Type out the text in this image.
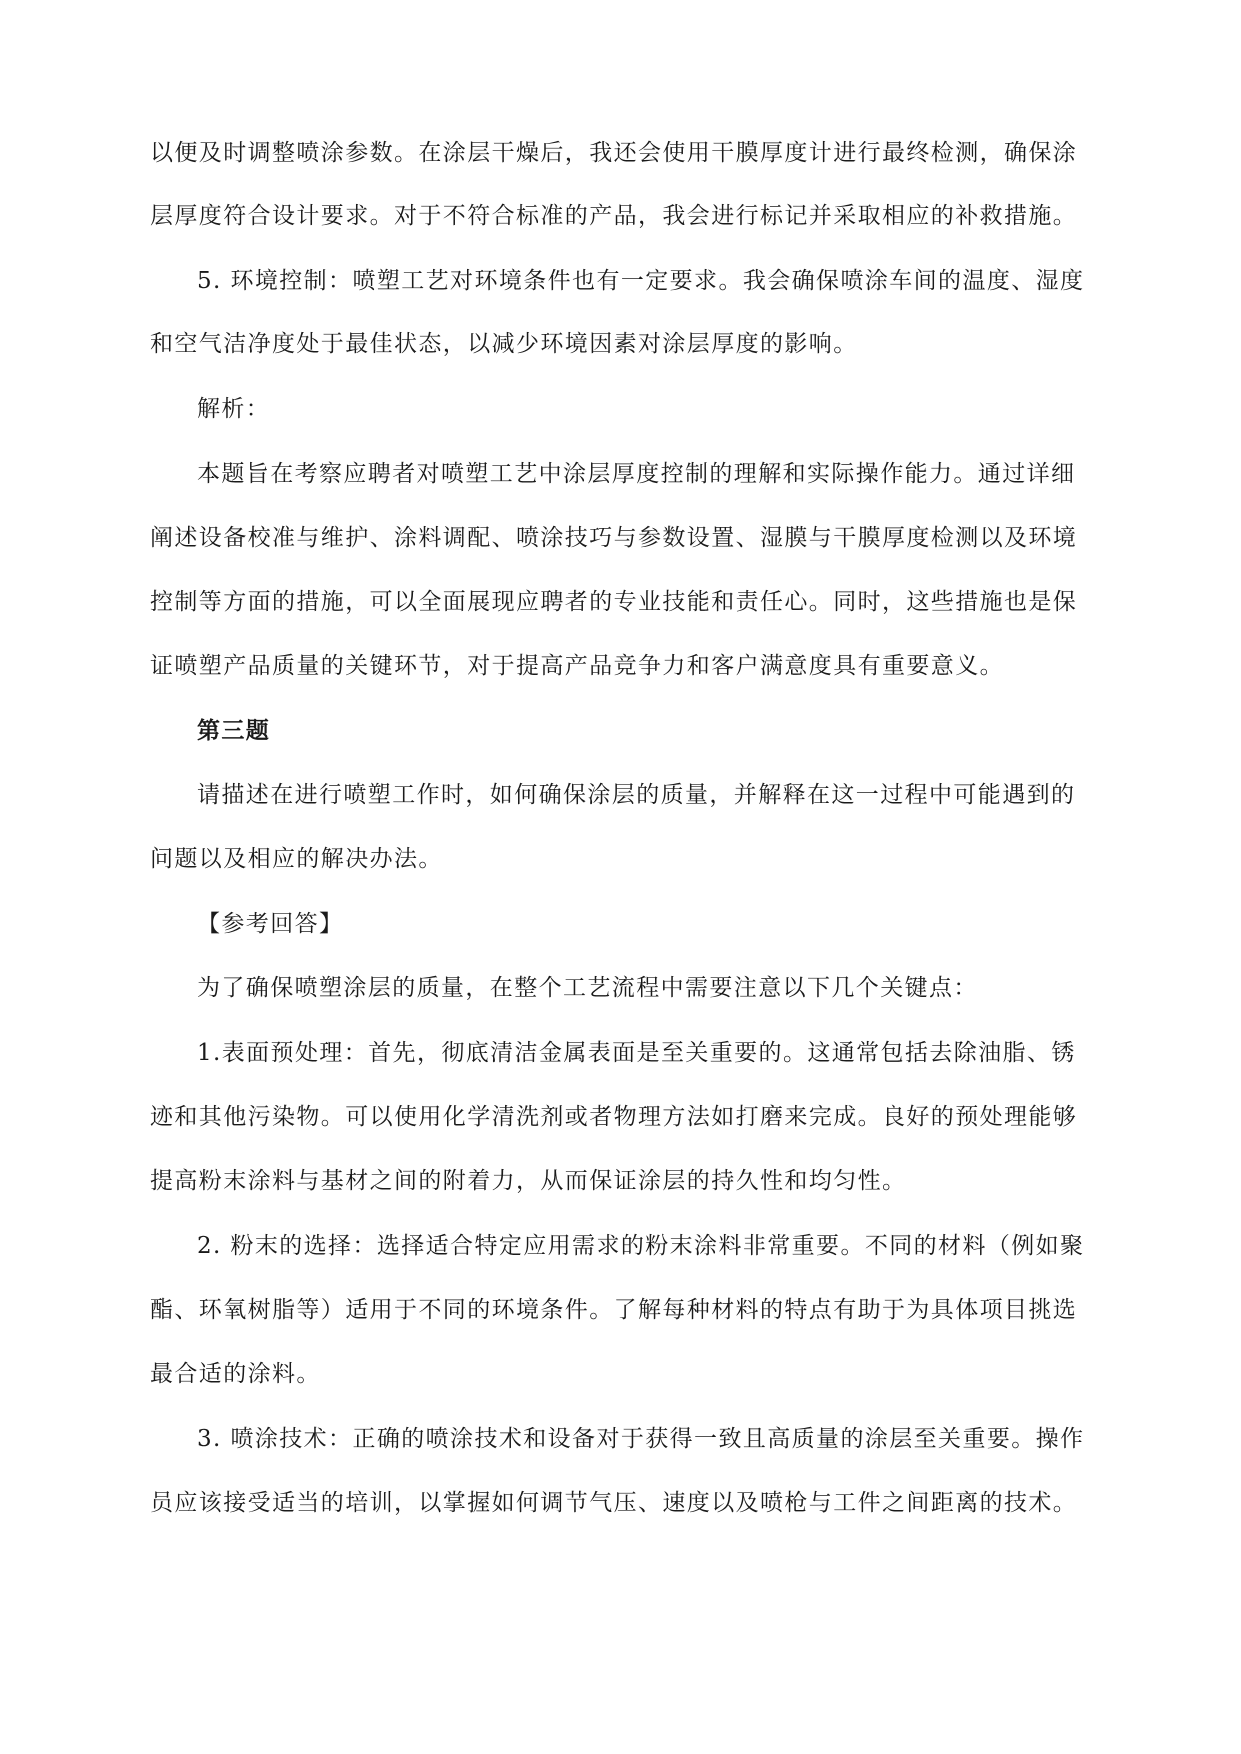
以便及时调整喷涂参数。在涂层干燥后，我还会使用干膜厚度计进行最终检测，确保涂
层厚度符合设计要求。对于不符合标准的产品，我会进行标记并采取相应的补救措施。
5. 环境控制：喷塑工艺对环境条件也有一定要求。我会确保喷涂车间的温度、湿度
和空气洁净度处于最佳状态，以减少环境因素对涂层厚度的影响。
解析：
本题旨在考察应聘者对喷塑工艺中涂层厚度控制的理解和实际操作能力。通过详细
阐述设备校准与维护、涂料调配、喷涂技巧与参数设置、湿膜与干膜厚度检测以及环境
控制等方面的措施，可以全面展现应聘者的专业技能和责任心。同时，这些措施也是保
证喷塑产品质量的关键环节，对于提高产品竞争力和客户满意度具有重要意义。
第三题
请描述在进行喷塑工作时，如何确保涂层的质量，并解释在这一过程中可能遇到的
问题以及相应的解决办法。
【参考回答】
为了确保喷塑涂层的质量，在整个工艺流程中需要注意以下几个关键点：
1.表面预处理：首先，彻底清洁金属表面是至关重要的。这通常包括去除油脂、锈
迹和其他污染物。可以使用化学清洗剂或者物理方法如打磨来完成。良好的预处理能够
提高粉末涂料与基材之间的附着力，从而保证涂层的持久性和均匀性。
2. 粉末的选择：选择适合特定应用需求的粉末涂料非常重要。不同的材料（例如聚
酯、环氧树脂等）适用于不同的环境条件。了解每种材料的特点有助于为具体项目挑选
最合适的涂料。
3. 喷涂技术：正确的喷涂技术和设备对于获得一致且高质量的涂层至关重要。操作
员应该接受适当的培训，以掌握如何调节气压、速度以及喷枪与工件之间距离的技术。
